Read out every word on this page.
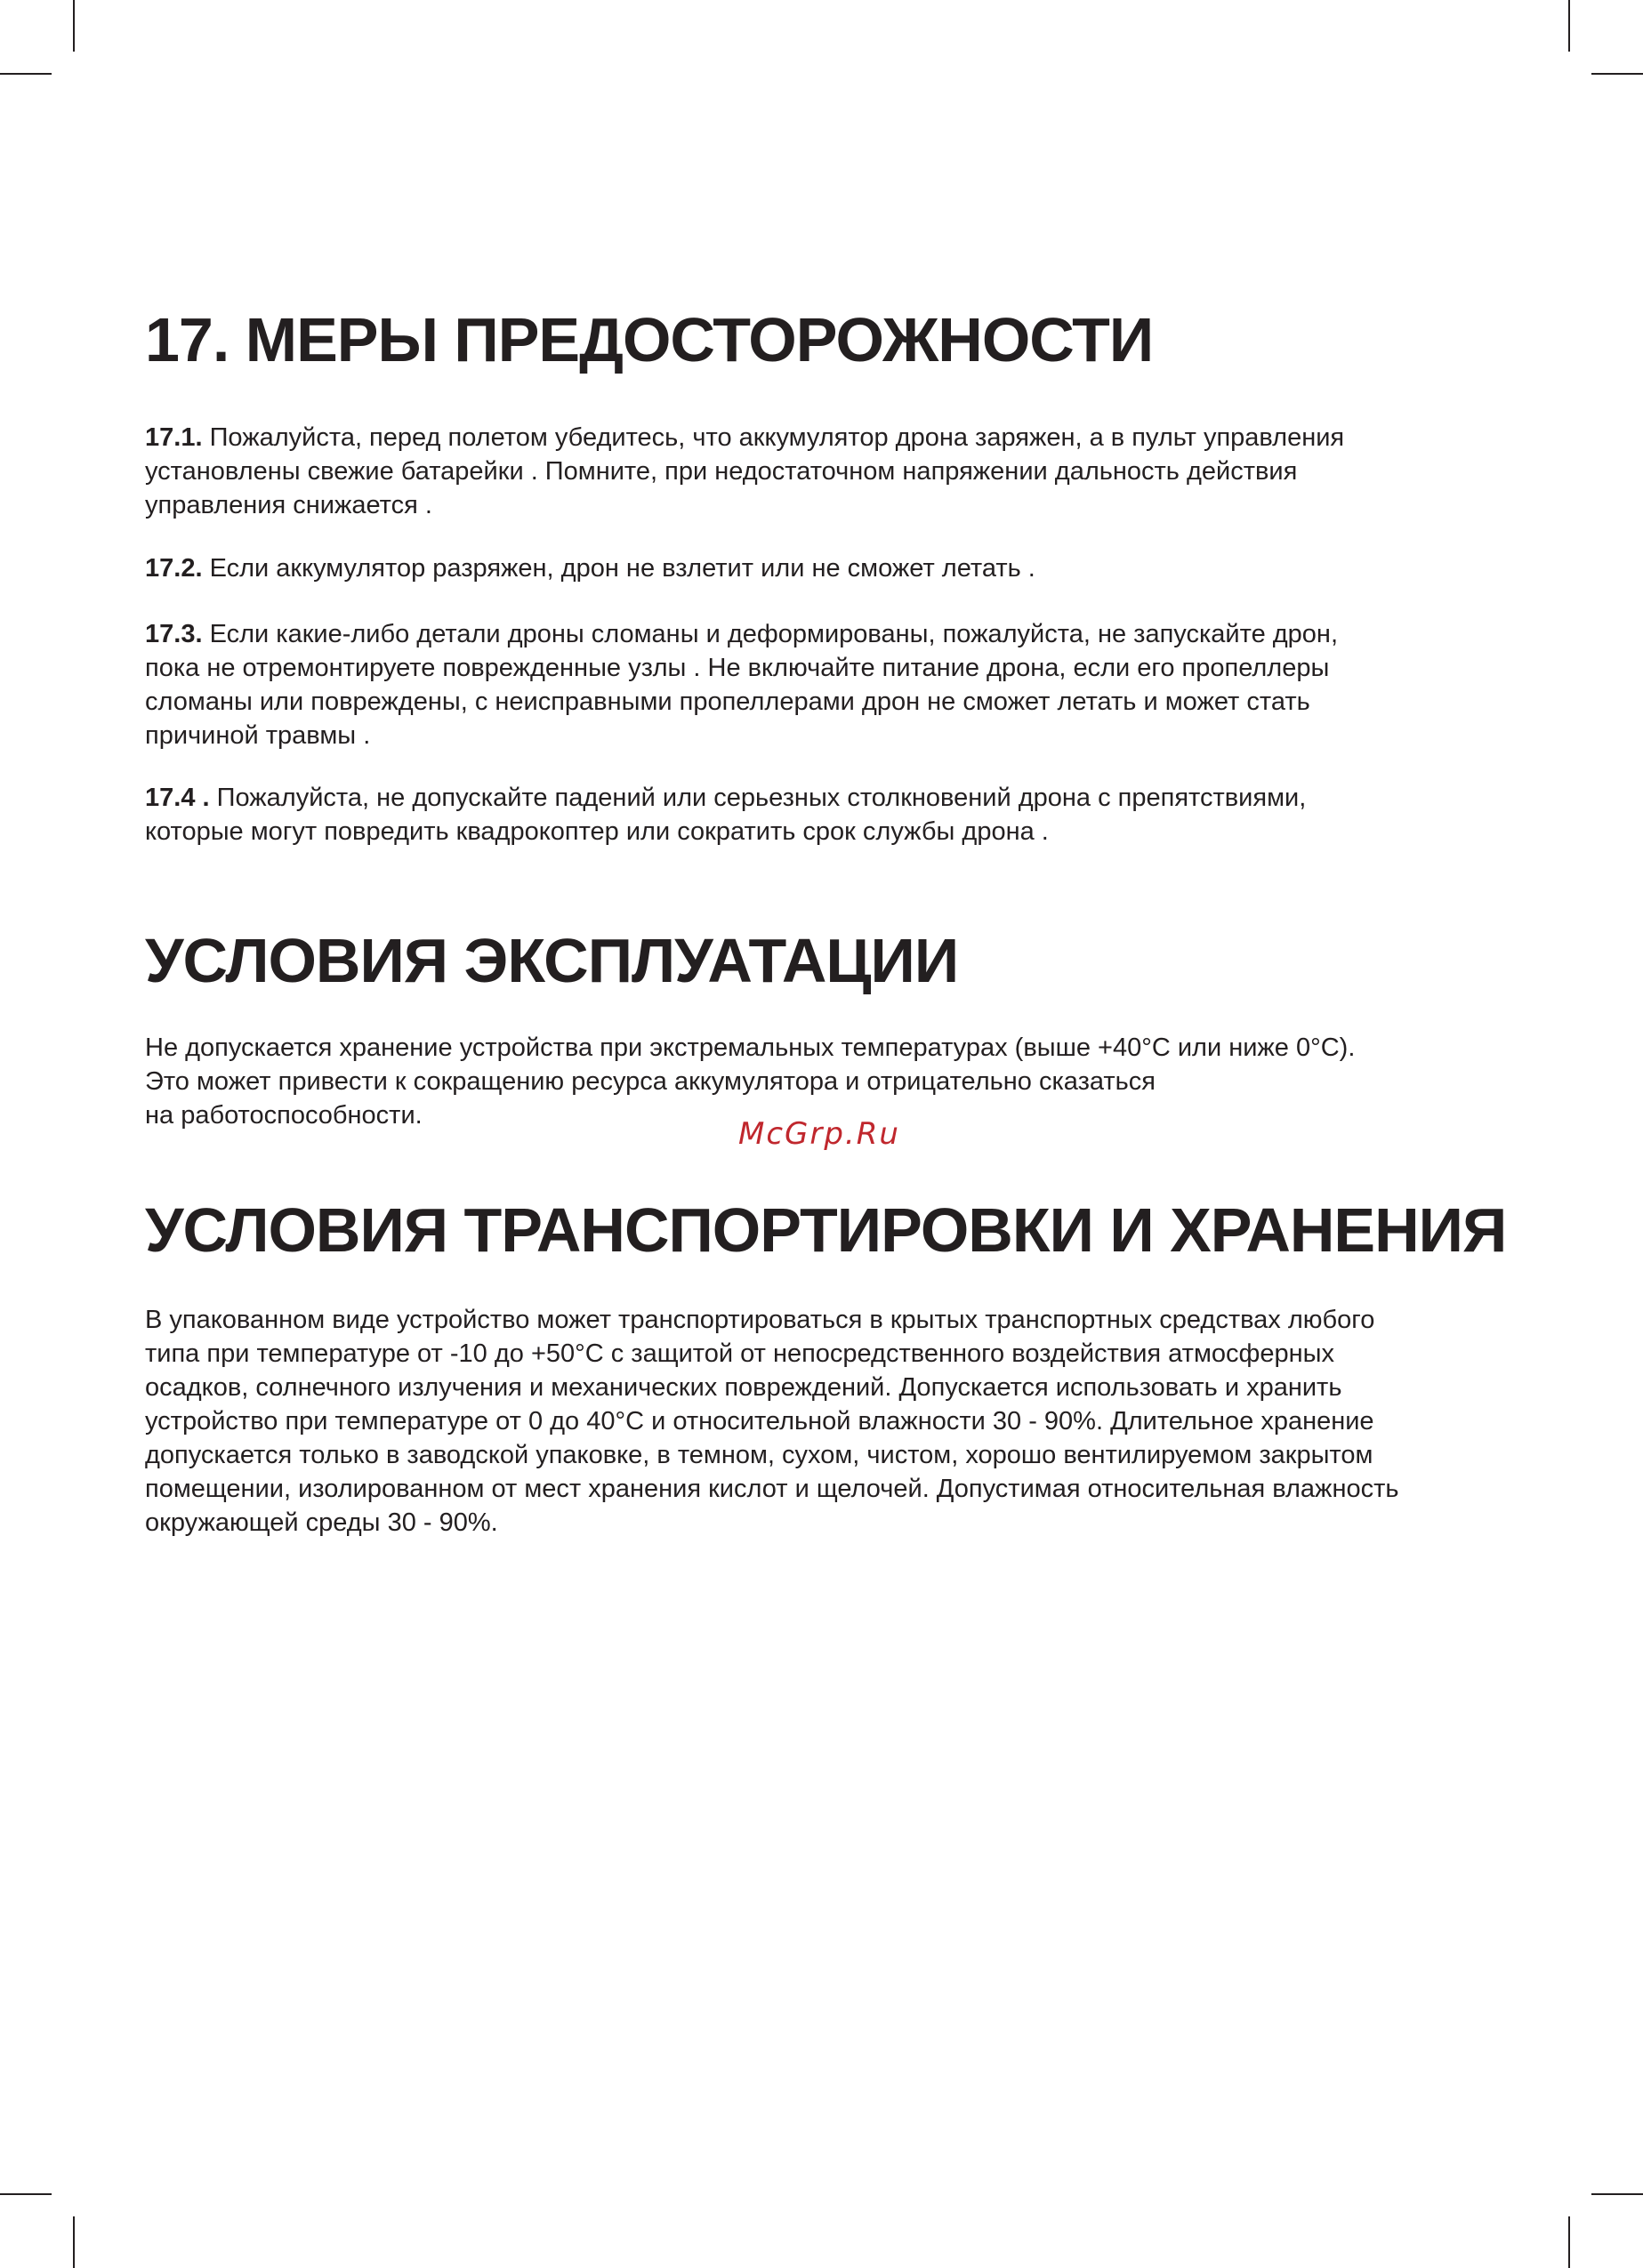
17. МЕРЫ ПРЕДОСТОРОЖНОСТИ

17.1. Пожалуйста, перед полетом убедитесь, что аккумулятор дрона заряжен, а в пульт управления
установлены свежие батарейки . Помните, при недостаточном напряжении дальность действия
управления снижается .

17.2. Если аккумулятор разряжен, дрон не взлетит или не сможет летать .

17.3. Если какие-либо детали дроны сломаны и деформированы, пожалуйста, не запускайте дрон,
пока не отремонтируете поврежденные узлы . Не включайте питание дрона, если его пропеллеры
сломаны или повреждены, с неисправными пропеллерами дрон не сможет летать и может стать
причиной травмы .

17.4 . Пожалуйста, не допускайте падений или серьезных столкновений дрона с препятствиями,
которые могут повредить квадрокоптер или сократить срок службы дрона .

УСЛОВИЯ ЭКСПЛУАТАЦИИ

Не допускается хранение устройства при экстремальных температурах (выше +40°С или ниже 0°С).
Это может привести к сокращению ресурса аккумулятора и отрицательно сказаться
на работоспособности.

УСЛОВИЯ ТРАНСПОРТИРОВКИ И ХРАНЕНИЯ

В упакованном виде устройство может транспортироваться в крытых транспортных средствах любого
типа при температуре от -10 до +50°С с защитой от непосредственного воздействия атмосферных
осадков, солнечного излучения и механических повреждений. Допускается использовать и хранить
устройство при температуре от 0 до 40°С и относительной влажности 30 - 90%. Длительное хранение
допускается только в заводской упаковке, в темном, сухом, чистом, хорошо вентилируемом закрытом
помещении, изолированном от мест хранения кислот и щелочей. Допустимая относительная влажность
окружающей среды 30 - 90%.

McGrp.Ru
